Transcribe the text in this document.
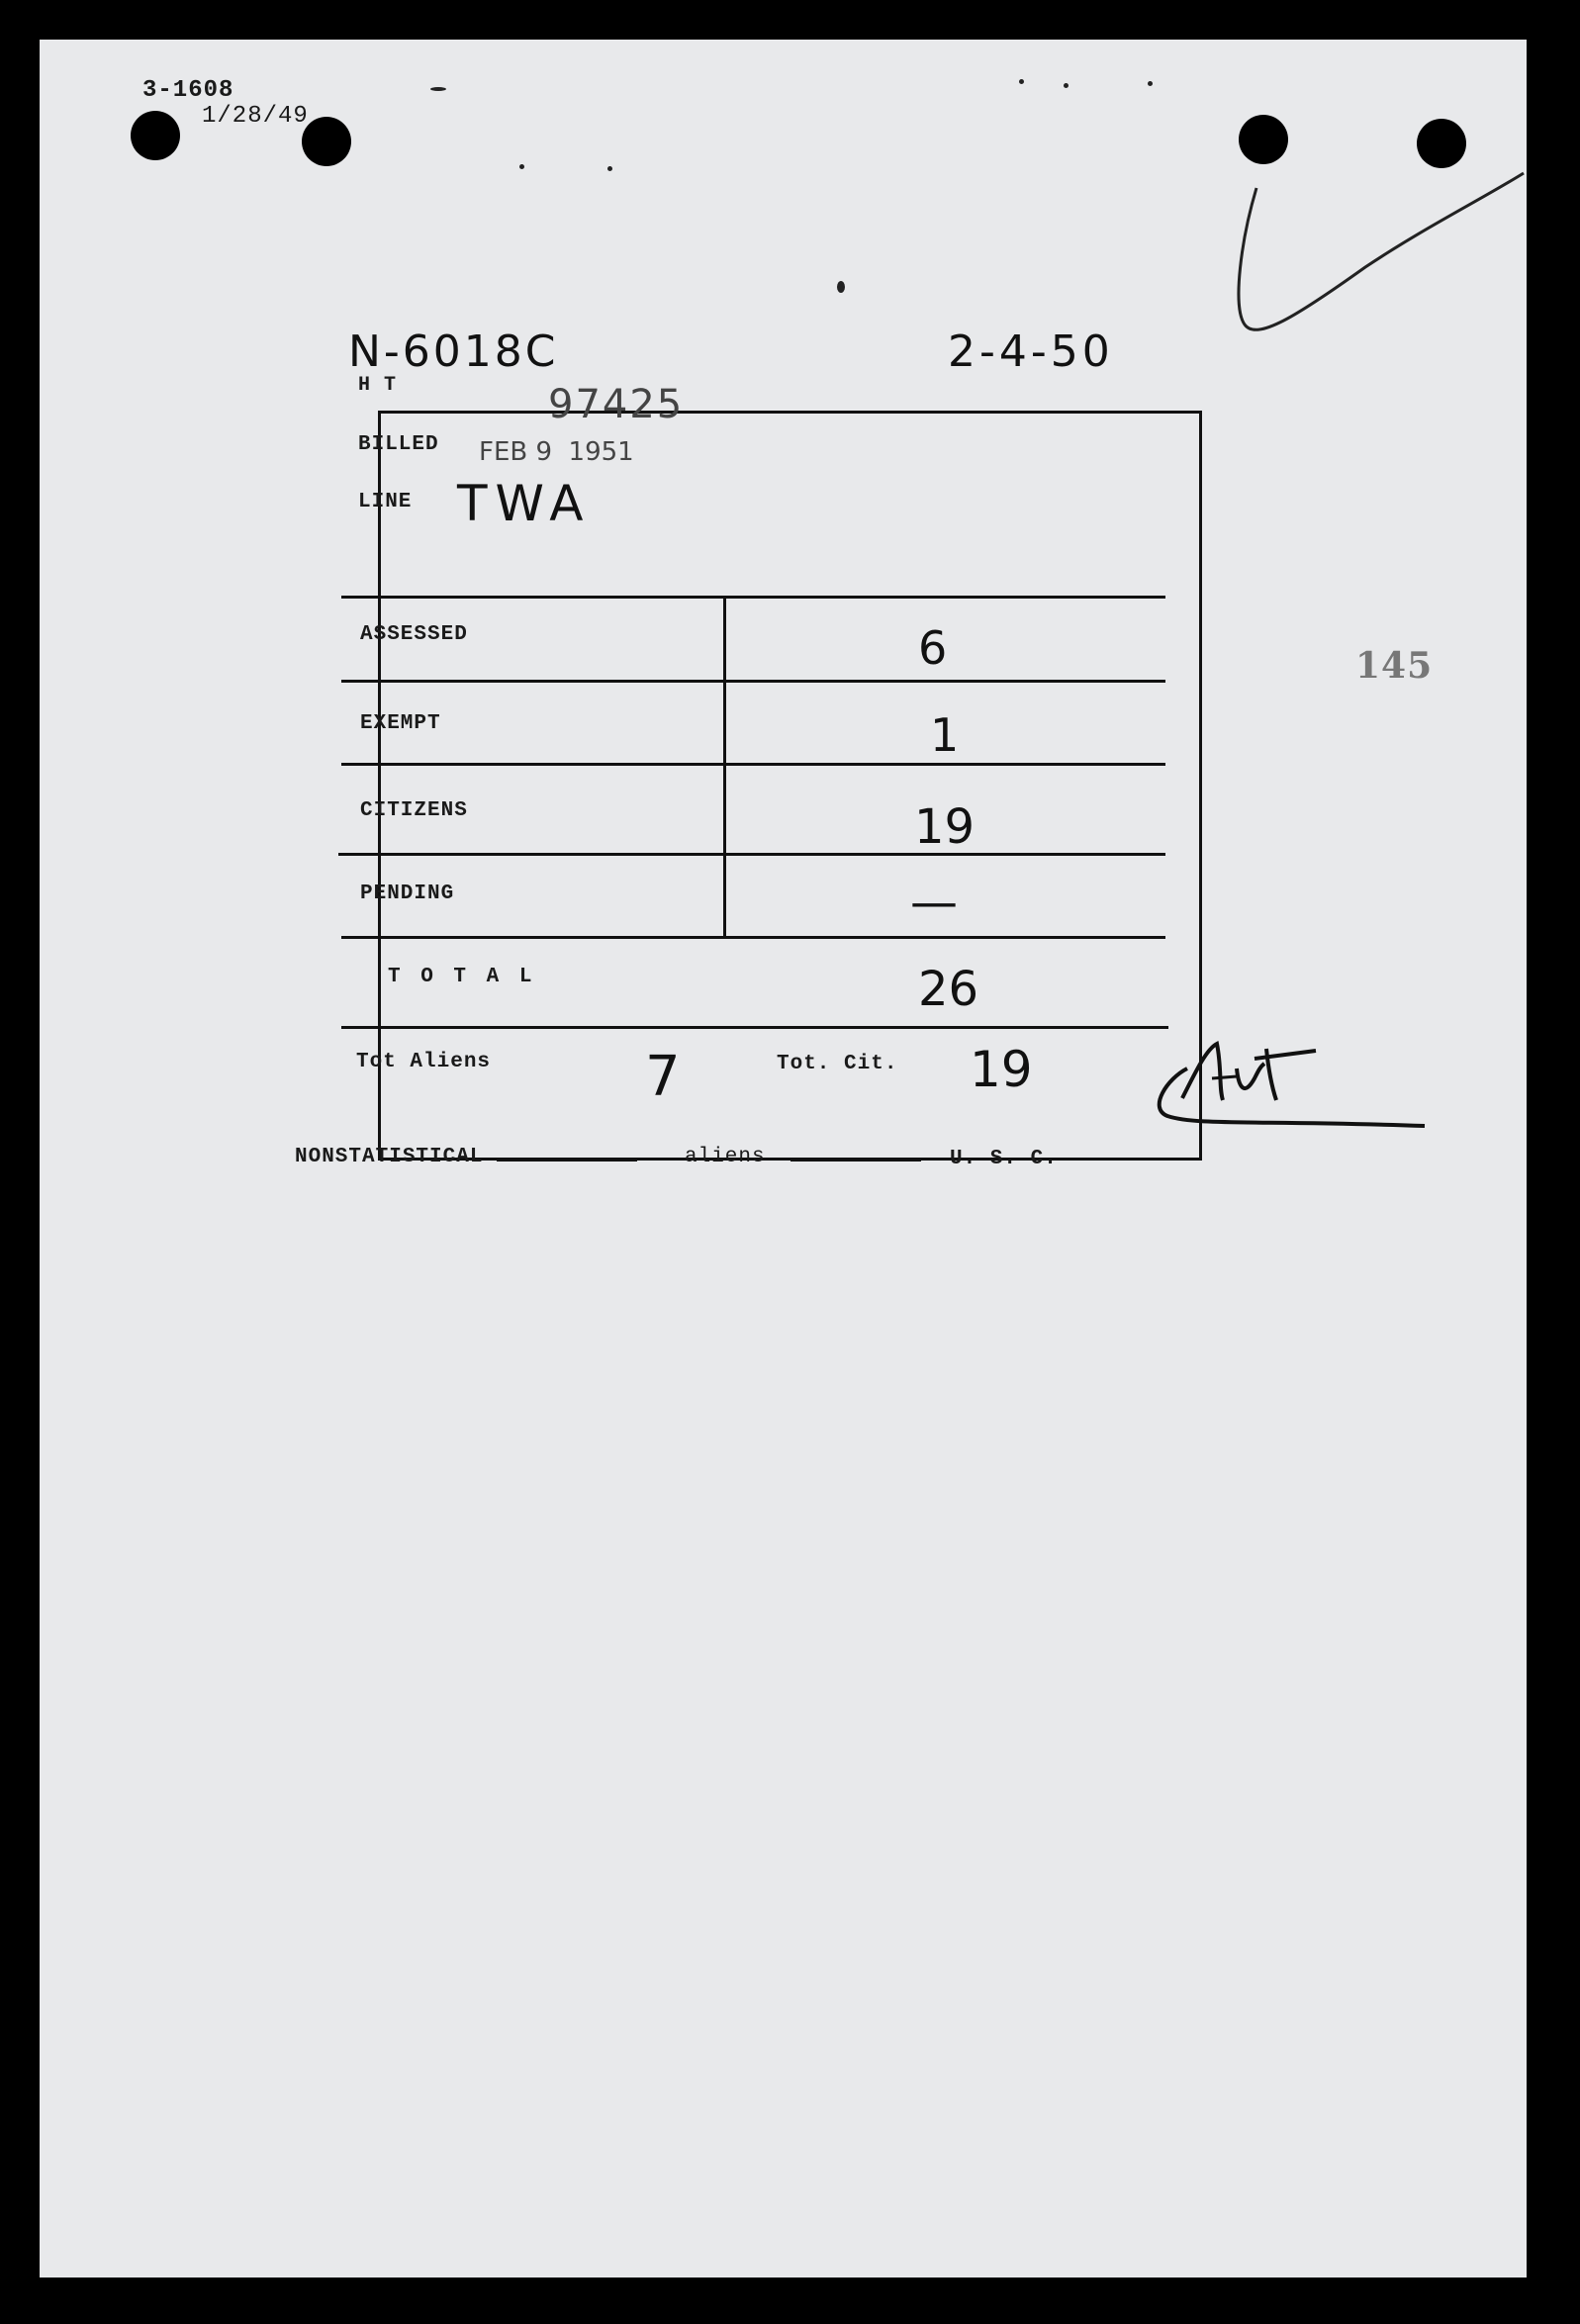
3-1608
1/28/49
N-6018C	2-4-50
145
H T	97425
BILLED FEB 9  1951
LINE TWA
ASSESSED	6
EXEMPT	1
CITIZENS	19
PENDING	—
T O T A L	26
Tot Aliens	7	Tot. Cit. 19
NONSTATISTICAL	aliens	U. S. C.
